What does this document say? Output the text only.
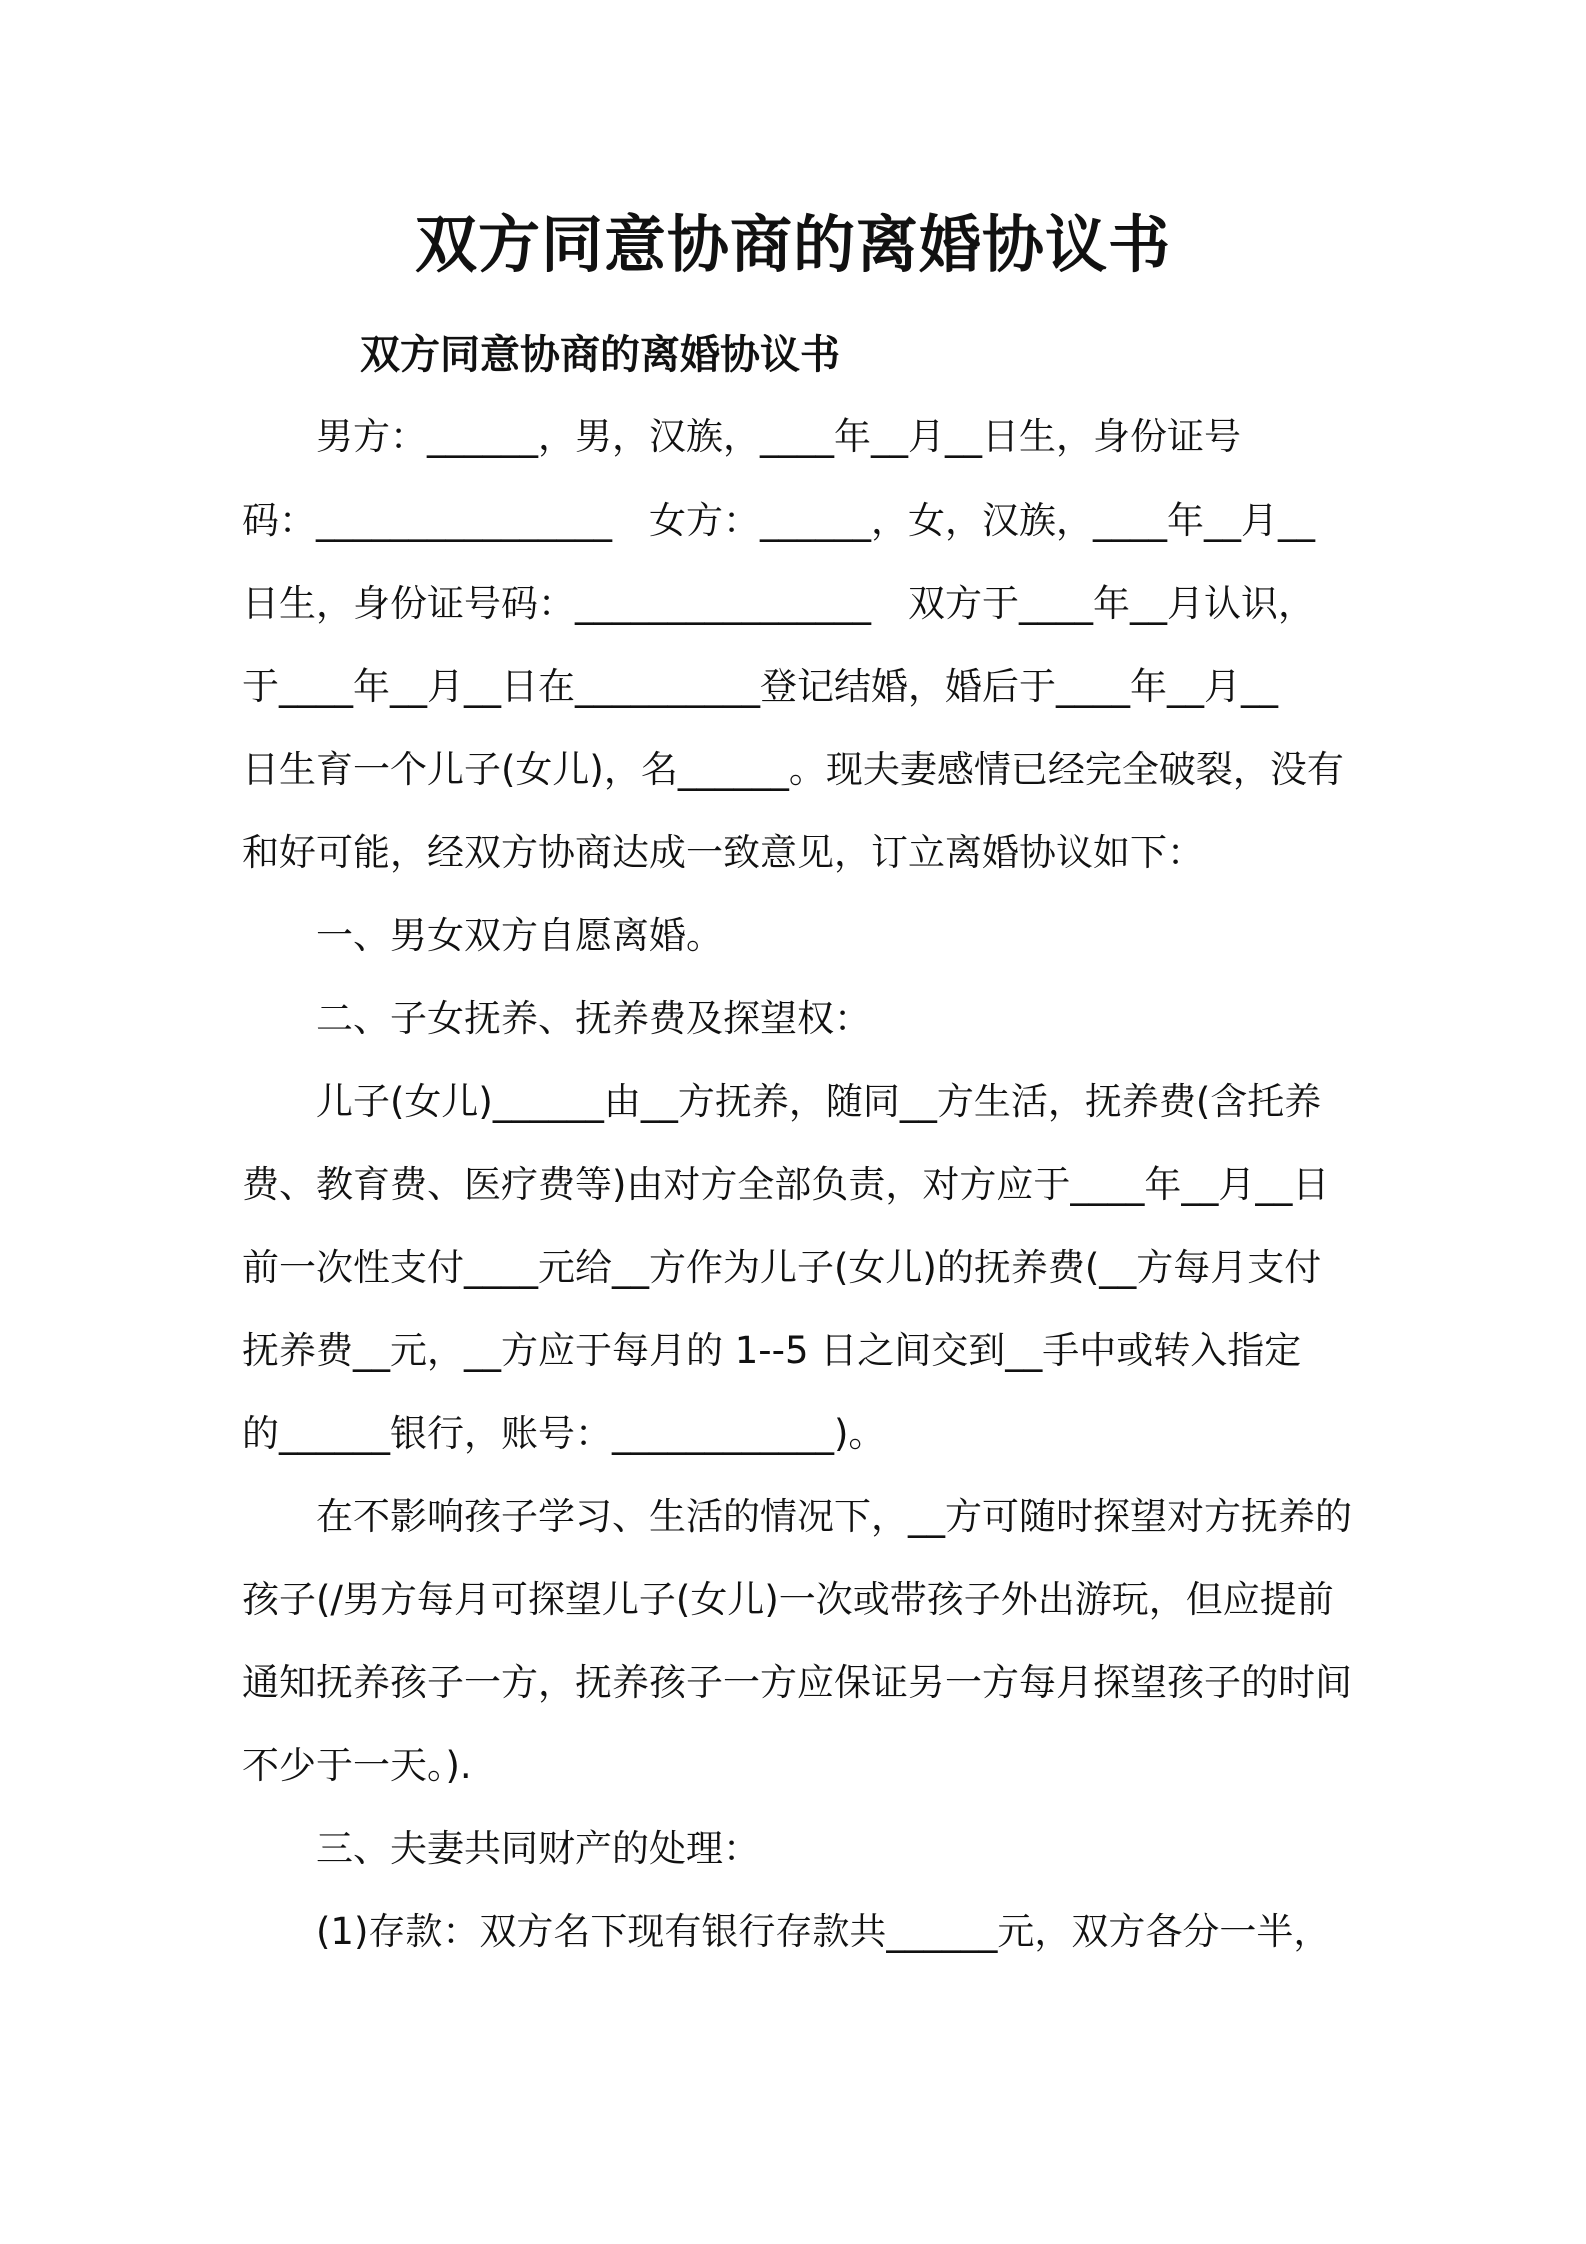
双方同意协商的离婚协议书
双方同意协商的离婚协议书
男方：______，男，汉族，____年__月__日生，身份证号
码：________________　女方：______，女，汉族，____年__月__
日生，身份证号码：________________　双方于____年__月认识，
于____年__月__日在__________登记结婚，婚后于____年__月__
日生育一个儿子(女儿)，名______。现夫妻感情已经完全破裂，没有
和好可能，经双方协商达成一致意见，订立离婚协议如下：
一、男女双方自愿离婚。
二、子女抚养、抚养费及探望权：
儿子(女儿)______由__方抚养，随同__方生活，抚养费(含托养
费、教育费、医疗费等)由对方全部负责，对方应于____年__月__日
前一次性支付____元给__方作为儿子(女儿)的抚养费(__方每月支付
抚养费__元，__方应于每月的 1--5 日之间交到__手中或转入指定
的______银行，账号：____________)。
在不影响孩子学习、生活的情况下，__方可随时探望对方抚养的
孩子(/男方每月可探望儿子(女儿)一次或带孩子外出游玩，但应提前
通知抚养孩子一方，抚养孩子一方应保证另一方每月探望孩子的时间
不少于一天。).
三、夫妻共同财产的处理：
(1)存款：双方名下现有银行存款共______元，双方各分一半，
